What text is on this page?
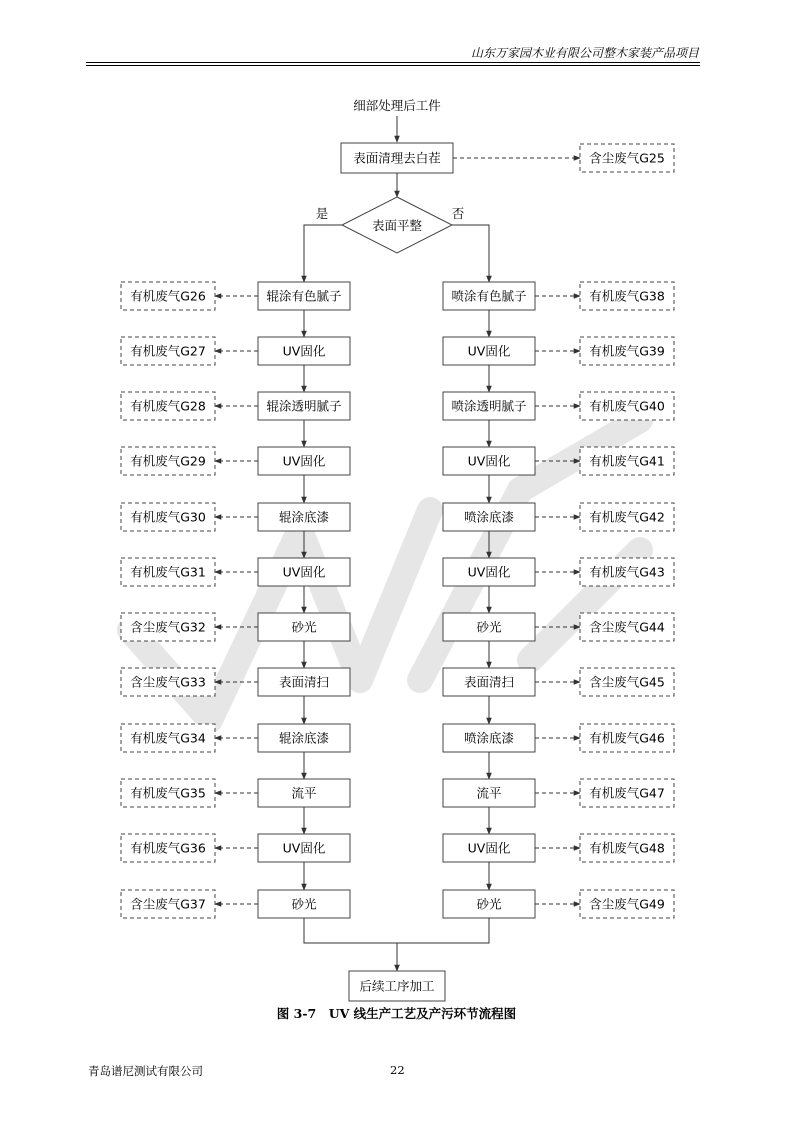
山东万家园木业有限公司整木家装产品项目
细部处理后工件
表面清理去白茬	含尘废气G25
表面平整
是	否
辊涂有色腻子
有机废气G26
UV固化
有机废气G27
辊涂透明腻子
有机废气G28
UV固化
有机废气G29
辊涂底漆
有机废气G30
UV固化
有机废气G31
砂光
含尘废气G32
表面清扫
含尘废气G33
辊涂底漆
有机废气G34
流平
有机废气G35
UV固化
有机废气G36
砂光
含尘废气G37
喷涂有色腻子	有机废气G38
UV固化	有机废气G39
喷涂透明腻子	有机废气G40
UV固化	有机废气G41
喷涂底漆	有机废气G42
UV固化	有机废气G43
砂光	含尘废气G44
表面清扫	含尘废气G45
喷涂底漆	有机废气G46
流平	有机废气G47
UV固化	有机废气G48
砂光	含尘废气G49
后续工序加工
图 3-7　UV 线生产工艺及产污环节流程图
青岛谱尼测试有限公司	22
